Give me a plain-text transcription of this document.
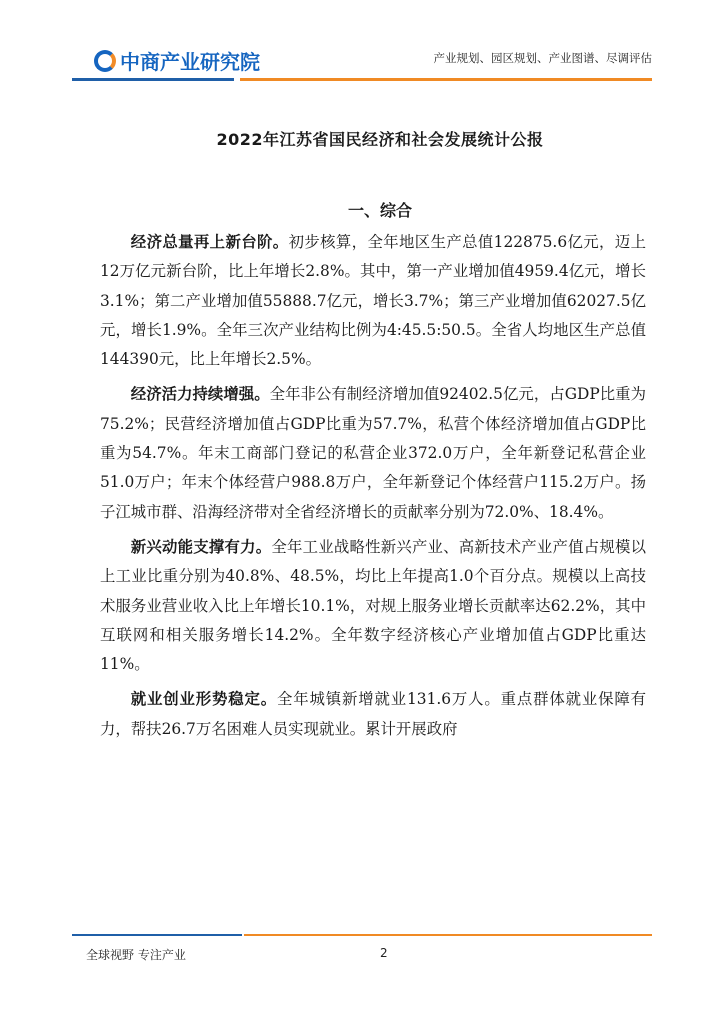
中商产业研究院	产业规划、园区规划、产业图谱、尽调评估
2022年江苏省国民经济和社会发展统计公报
一、综合

经济总量再上新台阶。初步核算，全年地区生产总值122875.6亿元，迈上12万亿元新台阶，比上年增长2.8%。其中，第一产业增加值4959.4亿元，增长3.1%；第二产业增加值55888.7亿元，增长3.7%；第三产业增加值62027.5亿元，增长1.9%。全年三次产业结构比例为4:45.5:50.5。全省人均地区生产总值144390元，比上年增长2.5%。

经济活力持续增强。全年非公有制经济增加值92402.5亿元，占GDP比重为75.2%；民营经济增加值占GDP比重为57.7%，私营个体经济增加值占GDP比重为54.7%。年末工商部门登记的私营企业372.0万户，全年新登记私营企业51.0万户；年末个体经营户988.8万户，全年新登记个体经营户115.2万户。扬子江城市群、沿海经济带对全省经济增长的贡献率分别为72.0%、18.4%。

新兴动能支撑有力。全年工业战略性新兴产业、高新技术产业产值占规模以上工业比重分别为40.8%、48.5%，均比上年提高1.0个百分点。规模以上高技术服务业营业收入比上年增长10.1%，对规上服务业增长贡献率达62.2%，其中互联网和相关服务增长14.2%。全年数字经济核心产业增加值占GDP比重达11%。

就业创业形势稳定。全年城镇新增就业131.6万人。重点群体就业保障有力，帮扶26.7万名困难人员实现就业。累计开展政府

全球视野 专注产业	2
